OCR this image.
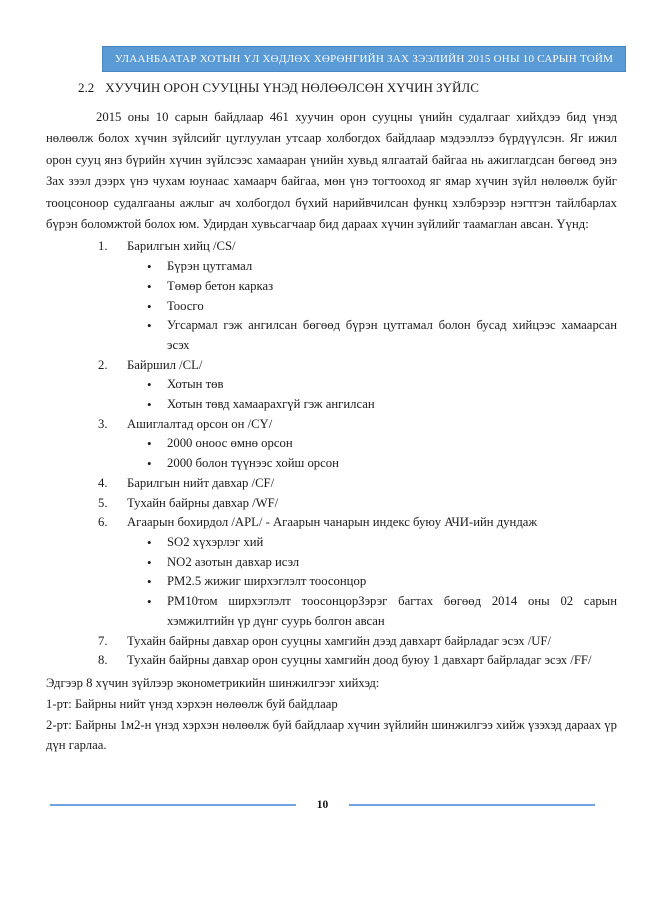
УЛААНБААТАР ХОТЫН ҮЛ ХӨДЛӨХ ХӨРӨНГИЙН ЗАХ ЗЭЭЛИЙН 2015 ОНЫ 10 САРЫН ТОЙМ
2.2 ХУУЧИН ОРОН СУУЦНЫ ҮНЭД НӨЛӨӨЛСӨН ХҮЧИН ЗҮЙЛС

2015 оны 10 сарын байдлаар 461 хуучин орон сууцны үнийн судалгааг хийхдээ бид үнэд нөлөөлж болох хүчин зүйлсийг цуглуулан утсаар холбогдох байдлаар мэдээллээ бүрдүүлсэн. Яг ижил орон сууц янз бүрийн хүчин зүйлсээс хамааран үнийн хувьд ялгаатай байгаа нь ажиглагдсан бөгөөд энэ Зах зээл дээрх үнэ чухам юунаас хамаарч байгаа, мөн үнэ тогтооход яг ямар хүчин зүйл нөлөөлж буйг тооцсоноор судалгааны ажлыг ач холбогдол бүхий нарийвчилсан функц хэлбэрээр нэгтгэн тайлбарлах бүрэн боломжтой болох юм. Удирдан хувьсагчаар бид дараах хүчин зүйлийг таамаглан авсан. Үүнд:

1. Барилгын хийц /CS/
• Бүрэн цутгамал
• Төмөр бетон карказ
• Тоосго
• Угсармал гэж ангилсан бөгөөд бүрэн цутгамал болон бусад хийцээс хамаарсан эсэх
2. Байршил /CL/
• Хотын төв
• Хотын төвд хамаарахгүй гэж ангилсан
3. Ашиглалтад орсон он /CY/
• 2000 оноос өмнө орсон
• 2000 болон түүнээс хойш орсон
4. Барилгын нийт давхар /CF/
5. Тухайн байрны давхар /WF/
6. Агаарын бохирдол /APL/ - Агаарын чанарын индекс буюу АЧИ-ийн дундаж
• SO2 хүхэрлэг хий
• NO2 азотын давхар исэл
• PM2.5 жижиг ширхэглэлт тоосонцор
• PM10том ширхэглэлт тоосонцорЗэрэг багтах бөгөөд 2014 оны 02 сарын хэмжилтийн үр дүнг суурь болгон авсан
7. Тухайн байрны давхар орон сууцны хамгийн дээд давхарт байрладаг эсэх /UF/
8. Тухайн байрны давхар орон сууцны хамгийн доод буюу 1 давхарт байрладаг эсэх /FF/

Эдгээр 8 хүчин зүйлээр эконометрикийн шинжилгээг хийхэд:

1-рт: Байрны нийт үнэд хэрхэн нөлөөлж буй байдлаар

2-рт: Байрны 1м2-н үнэд хэрхэн нөлөөлж буй байдлаар хүчин зүйлийн шинжилгээ хийж үзэхэд дараах үр дүн гарлаа.

10
